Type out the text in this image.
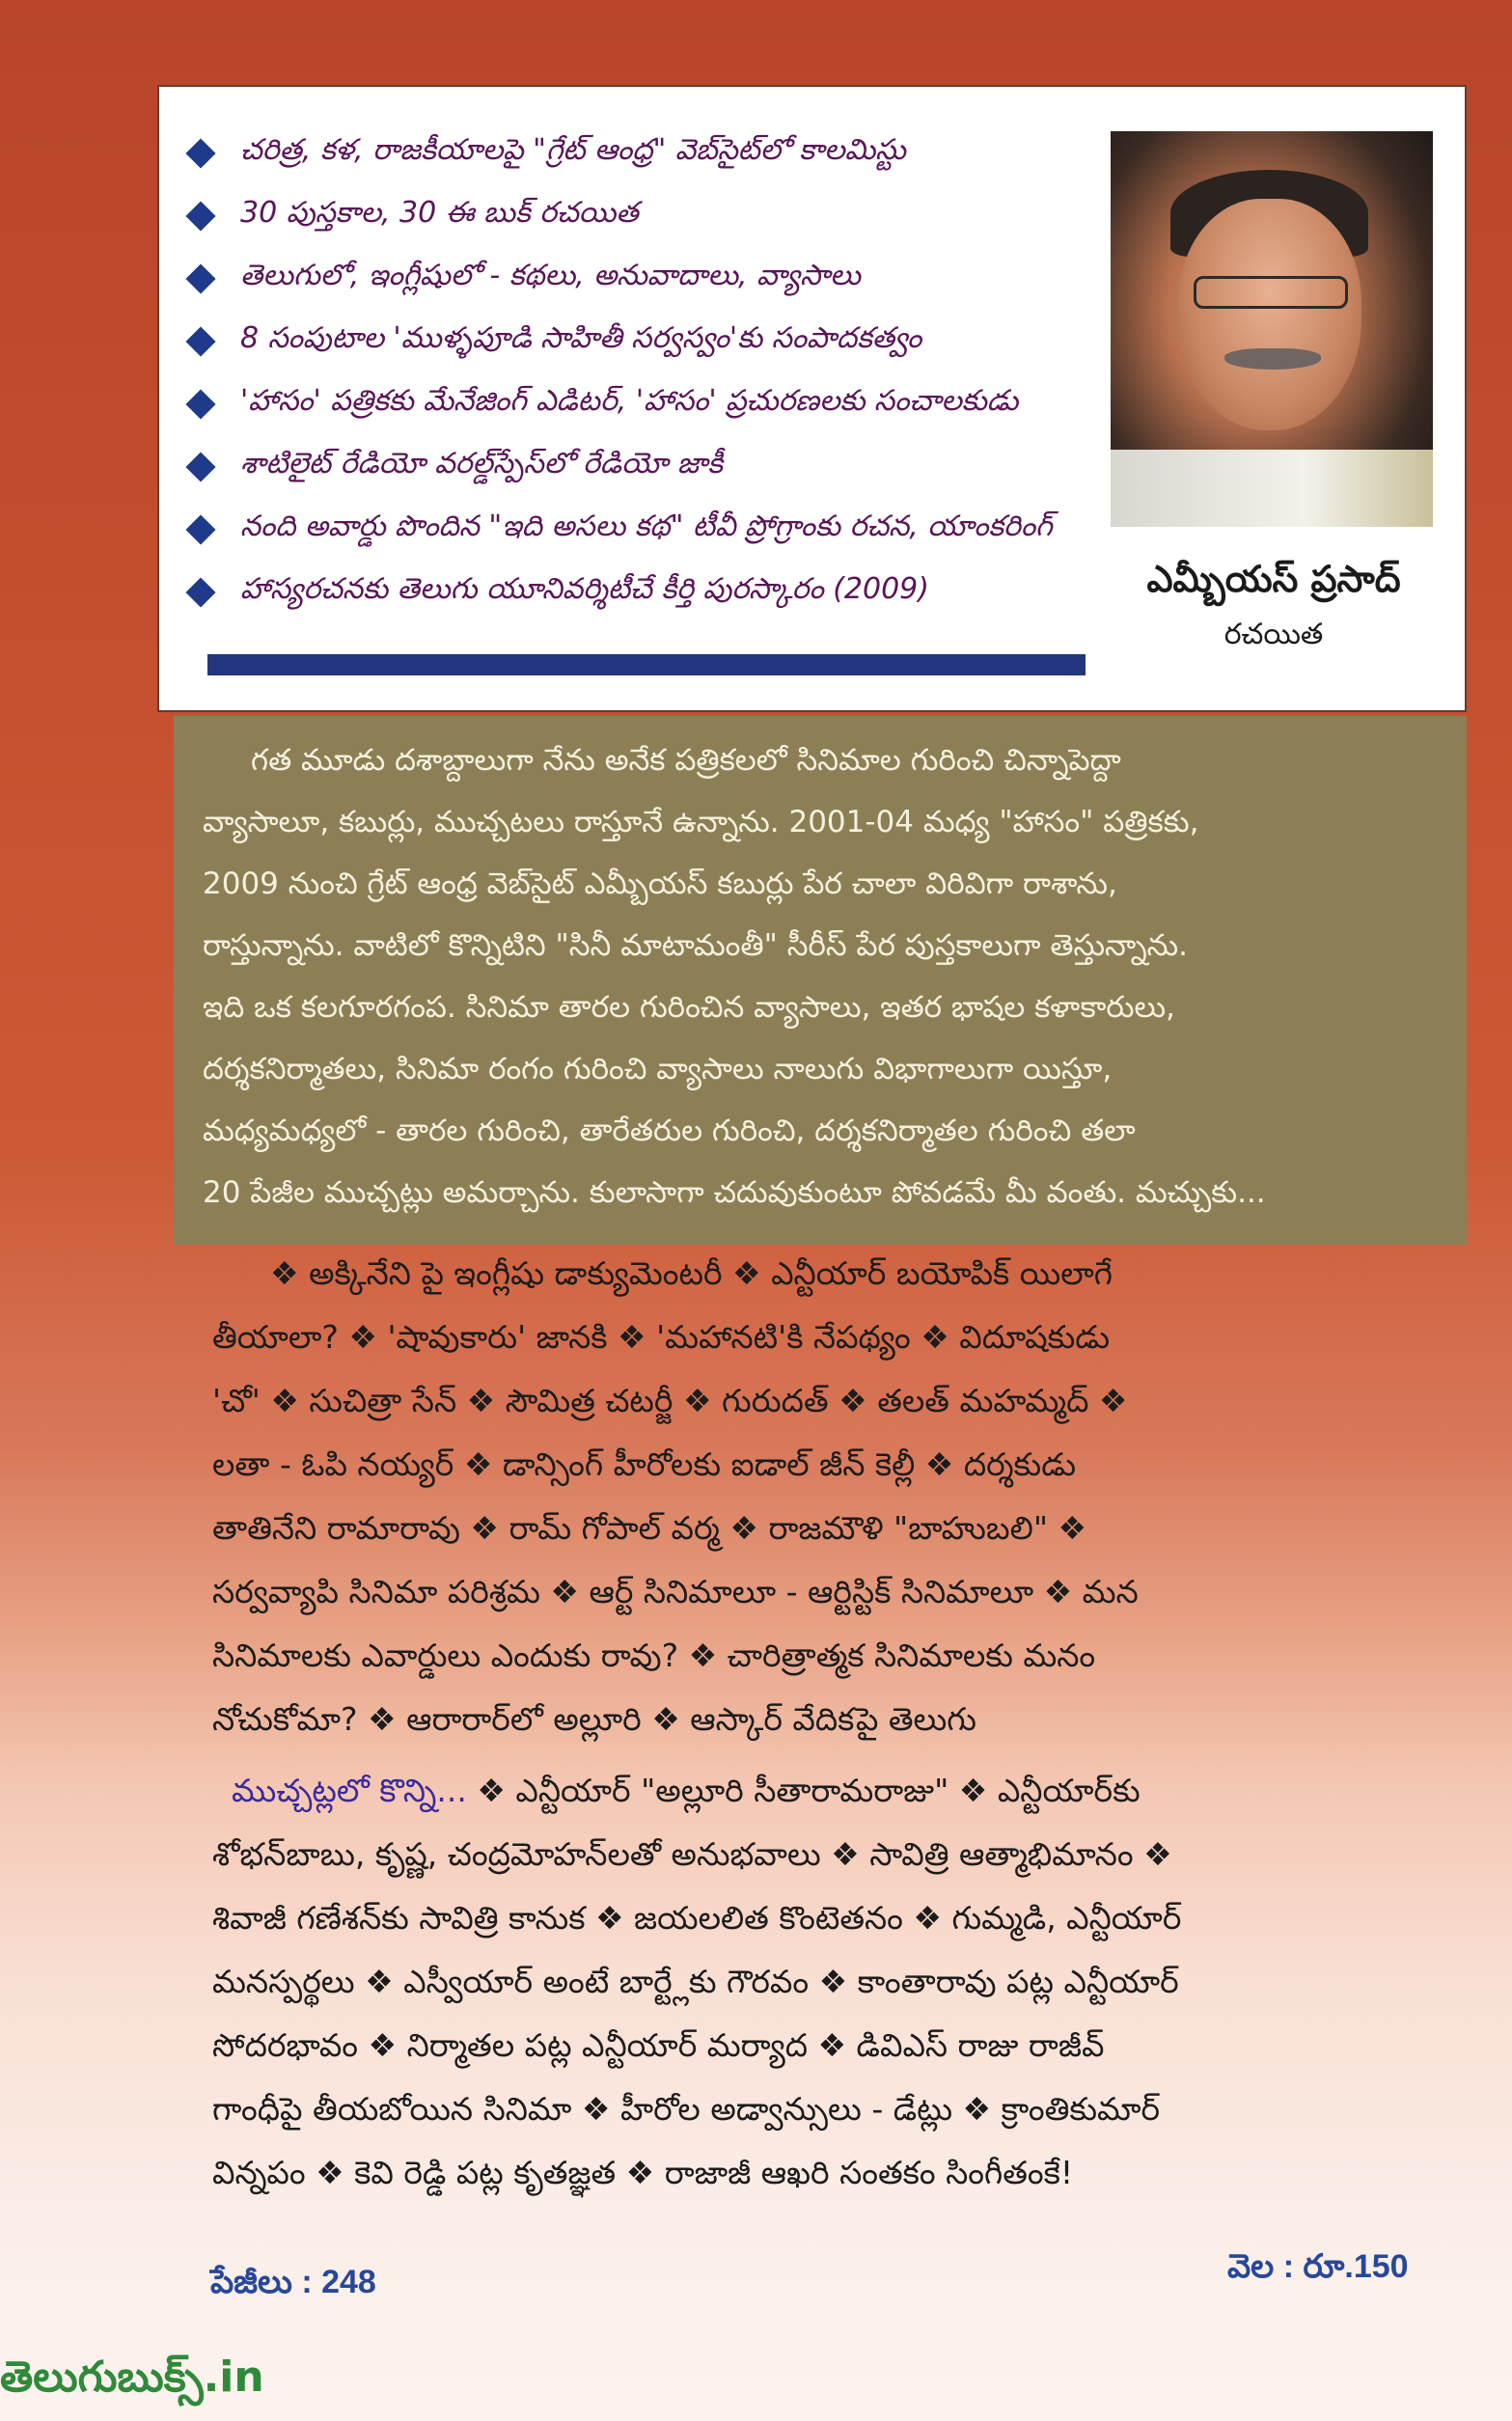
చరిత్ర, కళ, రాజకీయాలపై "గ్రేట్ ఆంధ్ర" వెబ్‌సైట్‌లో కాలమిస్టు
30 పుస్తకాల, 30 ఈ బుక్ రచయిత
తెలుగులో, ఇంగ్లీషులో - కథలు, అనువాదాలు, వ్యాసాలు
8 సంపుటాల 'ముళ్ళపూడి సాహితీ సర్వస్వం'కు సంపాదకత్వం
'హాసం' పత్రికకు మేనేజింగ్ ఎడిటర్, 'హాసం' ప్రచురణలకు సంచాలకుడు
శాటిలైట్ రేడియో వరల్డ్‌స్పేస్‌లో రేడియో జాకీ
నంది అవార్డు పొందిన "ఇది అసలు కథ" టీవీ ప్రోగ్రాంకు రచన, యాంకరింగ్
హాస్యరచనకు తెలుగు యూనివర్శిటీచే కీర్తి పురస్కారం (2009)	ఎమ్బీయస్ ప్రసాద్
రచయిత
గత మూడు దశాబ్దాలుగా నేను అనేక పత్రికలలో సినిమాల గురించి చిన్నాపెద్దా
వ్యాసాలూ, కబుర్లు, ముచ్చటలు రాస్తూనే ఉన్నాను. 2001-04 మధ్య "హాసం" పత్రికకు,
2009 నుంచి గ్రేట్ ఆంధ్ర వెబ్‌సైట్ ఎమ్బీయస్ కబుర్లు పేర చాలా విరివిగా రాశాను,
రాస్తున్నాను. వాటిలో కొన్నిటిని "సినీ మాటామంతీ" సీరీస్ పేర పుస్తకాలుగా తెస్తున్నాను.
ఇది ఒక కలగూరగంప. సినిమా తారల గురించిన వ్యాసాలు, ఇతర భాషల కళాకారులు,
దర్శకనిర్మాతలు, సినిమా రంగం గురించి వ్యాసాలు నాలుగు విభాగాలుగా యిస్తూ,
మధ్యమధ్యలో - తారల గురించి, తారేతరుల గురించి, దర్శకనిర్మాతల గురించి తలా
20 పేజీల ముచ్చట్లు అమర్చాను. కులాసాగా చదువుకుంటూ పోవడమే మీ వంతు. మచ్చుకు...
❖ అక్కినేని పై ఇంగ్లీషు డాక్యుమెంటరీ ❖ ఎన్టీయార్ బయోపిక్ యిలాగే
తీయాలా? ❖ 'షావుకారు' జానకి ❖ 'మహానటి'కి నేపథ్యం ❖ విదూషకుడు
'చో' ❖ సుచిత్రా సేన్ ❖ సౌమిత్ర చటర్జీ ❖ గురుదత్ ❖ తలత్ మహమ్మద్ ❖
లతా - ఓపి నయ్యర్ ❖ డాన్సింగ్ హీరోలకు ఐడాల్ జీన్ కెల్లీ ❖ దర్శకుడు
తాతినేని రామారావు ❖ రామ్ గోపాల్ వర్మ ❖ రాజమౌళి "బాహుబలి" ❖
సర్వవ్యాపి సినిమా పరిశ్రమ ❖ ఆర్ట్ సినిమాలూ - ఆర్టిస్టిక్ సినిమాలూ ❖ మన
సినిమాలకు ఎవార్డులు ఎందుకు రావు? ❖ చారిత్రాత్మక సినిమాలకు మనం
నోచుకోమా? ❖ ఆరారార్‌లో అల్లూరి ❖ ఆస్కార్ వేదికపై తెలుగు
ముచ్చట్లలో కొన్ని... ❖ ఎన్టీయార్ "అల్లూరి సీతారామరాజు" ❖ ఎన్టీయార్‌కు
శోభన్‌బాబు, కృష్ణ, చంద్రమోహన్‌లతో అనుభవాలు ❖ సావిత్రి ఆత్మాభిమానం ❖
శివాజీ గణేశన్‌కు సావిత్రి కానుక ❖ జయలలిత కొంటెతనం ❖ గుమ్మడి, ఎన్టీయార్
మనస్పర్థలు ❖ ఎస్వీయార్ అంటే బార్ట్లేకు గౌరవం ❖ కాంతారావు పట్ల ఎన్టీయార్
సోదరభావం ❖ నిర్మాతల పట్ల ఎన్టీయార్ మర్యాద ❖ డివిఎస్ రాజు రాజీవ్
గాంధీపై తీయబోయిన సినిమా ❖ హీరోల అడ్వాన్సులు - డేట్లు ❖ క్రాంతికుమార్
విన్నపం ❖ కెవి రెడ్డి పట్ల కృతజ్ఞత ❖ రాజాజీ ఆఖరి సంతకం సింగీతంకే!
పేజీలు : 248	వెల : రూ.150
తెలుగుబుక్స్.in
